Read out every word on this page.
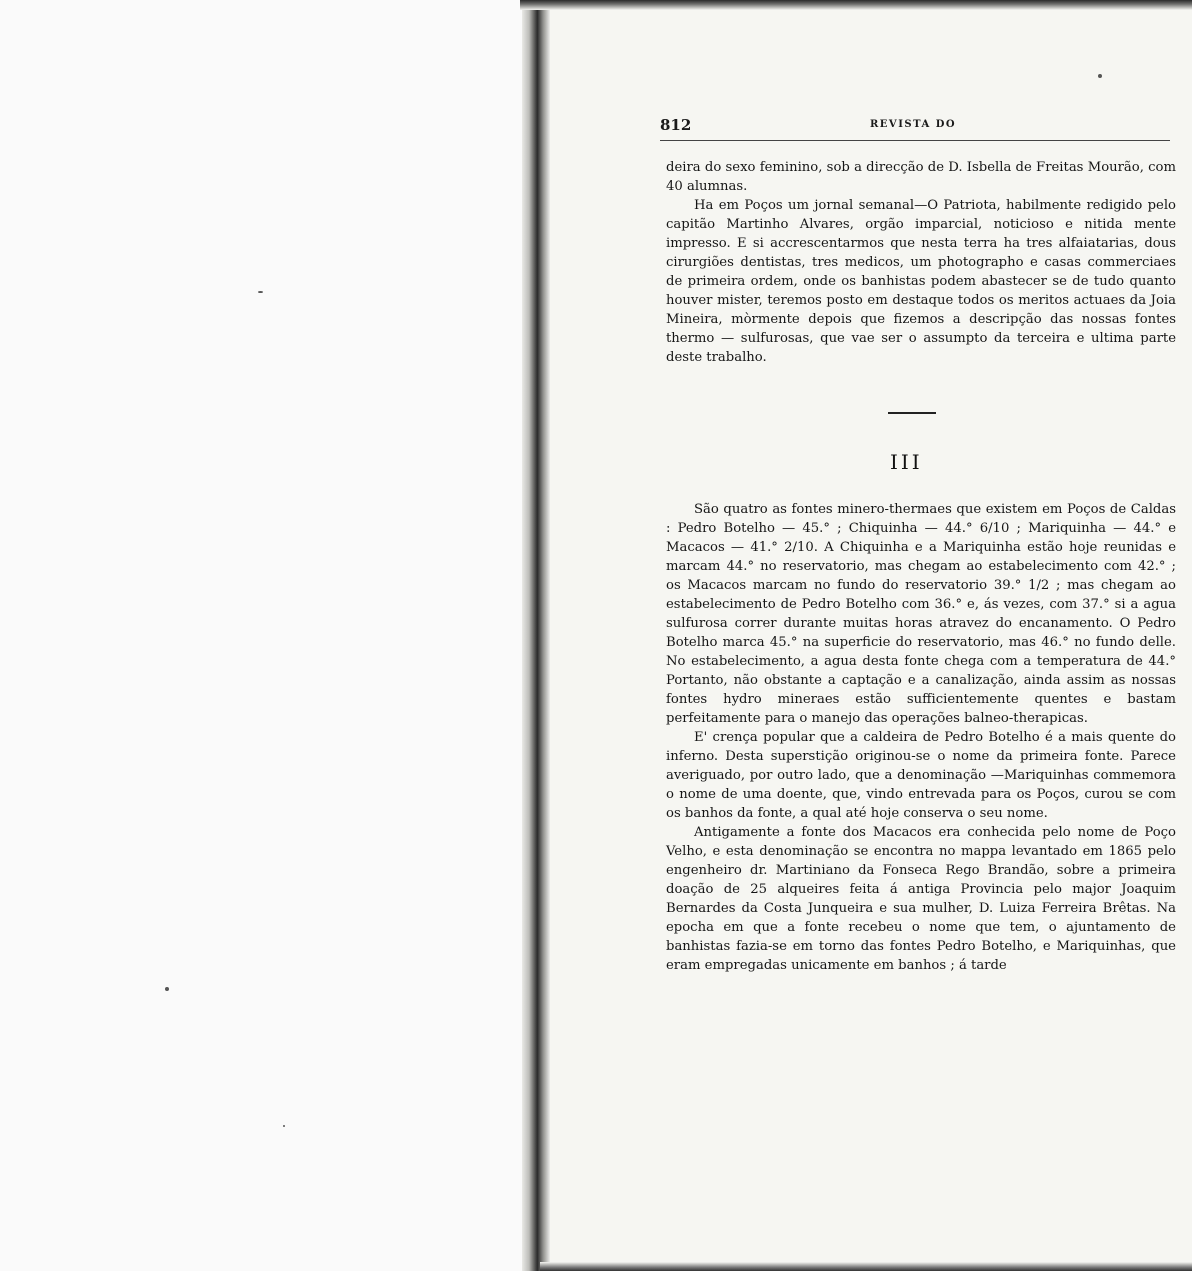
812	REVISTA DO

deira do sexo feminino, sob a direcção de D. Isbella de Freitas Mourão, com 40 alumnas.

Ha em Poços um jornal semanal—O Patriota, habilmente redigido pelo capitão Martinho Alvares, orgão imparcial, noticioso e nitida mente impresso. E si accrescentarmos que nesta terra ha tres alfaiatarias, dous cirurgiões dentistas, tres medicos, um photographo e casas commerciaes de primeira ordem, onde os banhistas podem abastecer se de tudo quanto houver mister, teremos posto em destaque todos os meritos actuaes da Joia Mineira, mòrmente depois que fizemos a descripção das nossas fontes thermo — sulfurosas, que vae ser o assumpto da terceira e ultima parte deste trabalho.

III

São quatro as fontes minero-thermaes que existem em Poços de Caldas : Pedro Botelho — 45.° ; Chiquinha — 44.° 6/10 ; Mariquinha — 44.° e Macacos — 41.° 2/10. A Chiquinha e a Mariquinha estão hoje reunidas e marcam 44.° no reservatorio, mas chegam ao estabelecimento com 42.° ; os Macacos marcam no fundo do reservatorio 39.° 1/2 ; mas chegam ao estabelecimento de Pedro Botelho com 36.° e, ás vezes, com 37.° si a agua sulfurosa correr durante muitas horas atravez do encanamento. O Pedro Botelho marca 45.° na superficie do reservatorio, mas 46.° no fundo delle. No estabelecimento, a agua desta fonte chega com a temperatura de 44.° Portanto, não obstante a captação e a canalização, ainda assim as nossas fontes hydro mineraes estão sufficientemente quentes e bastam perfeitamente para o manejo das operações balneo-therapicas.

E' crença popular que a caldeira de Pedro Botelho é a mais quente do inferno. Desta superstição originou-se o nome da primeira fonte. Parece averiguado, por outro lado, que a denominação —Mariquinhas commemora o nome de uma doente, que, vindo entrevada para os Poços, curou se com os banhos da fonte, a qual até hoje conserva o seu nome.

Antigamente a fonte dos Macacos era conhecida pelo nome de Poço Velho, e esta denominação se encontra no mappa levantado em 1865 pelo engenheiro dr. Martiniano da Fonseca Rego Brandão, sobre a primeira doação de 25 alqueires feita á antiga Provincia pelo major Joaquim Bernardes da Costa Junqueira e sua mulher, D. Luiza Ferreira Brêtas. Na epocha em que a fonte recebeu o nome que tem, o ajuntamento de banhistas fazia-se em torno das fontes Pedro Botelho, e Mariquinhas, que eram empregadas unicamente em banhos ; á tarde
